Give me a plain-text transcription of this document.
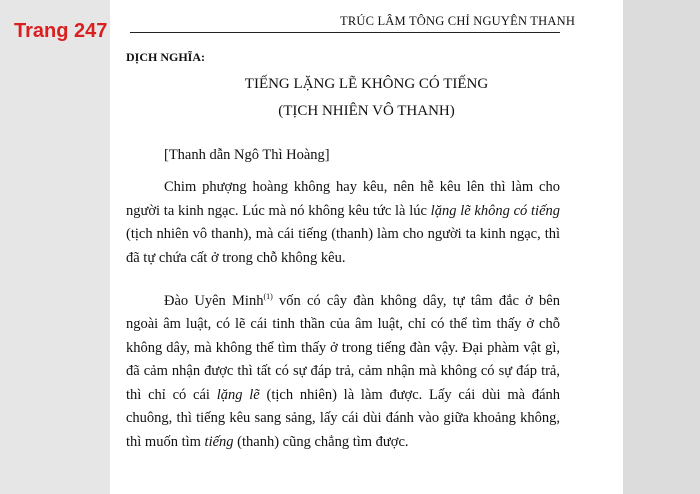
Trang 247	TRÚC LÂM TÔNG CHỈ NGUYÊN THANH
DỊCH NGHĨA:
TIẾNG LẶNG LẼ KHÔNG CÓ TIẾNG
(TỊCH NHIÊN VÔ THANH)
[Thanh dẫn Ngô Thì Hoàng]

Chim phượng hoàng không hay kêu, nên hễ kêu lên thì làm cho người ta kinh ngạc. Lúc mà nó không kêu tức là lúc lặng lẽ không có tiếng (tịch nhiên vô thanh), mà cái tiếng (thanh) làm cho người ta kinh ngạc, thì đã tự chứa cất ở trong chỗ không kêu.

Đào Uyên Minh$^{(1)}$ vốn có cây đàn không dây, tự tâm đắc ở bên ngoài âm luật, có lẽ cái tinh thần của âm luật, chỉ có thể tìm thấy ở chỗ không dây, mà không thể tìm thấy ở trong tiếng đàn vậy. Đại phàm vật gì, đã cảm nhận được thì tất có sự đáp trả, cảm nhận mà không có sự đáp trả, thì chỉ có cái lặng lẽ (tịch nhiên) là làm được. Lấy cái dùi mà đánh chuông, thì tiếng kêu sang sảng, lấy cái dùi đánh vào giữa khoảng không, thì muốn tìm tiếng (thanh) cũng chẳng tìm được.
